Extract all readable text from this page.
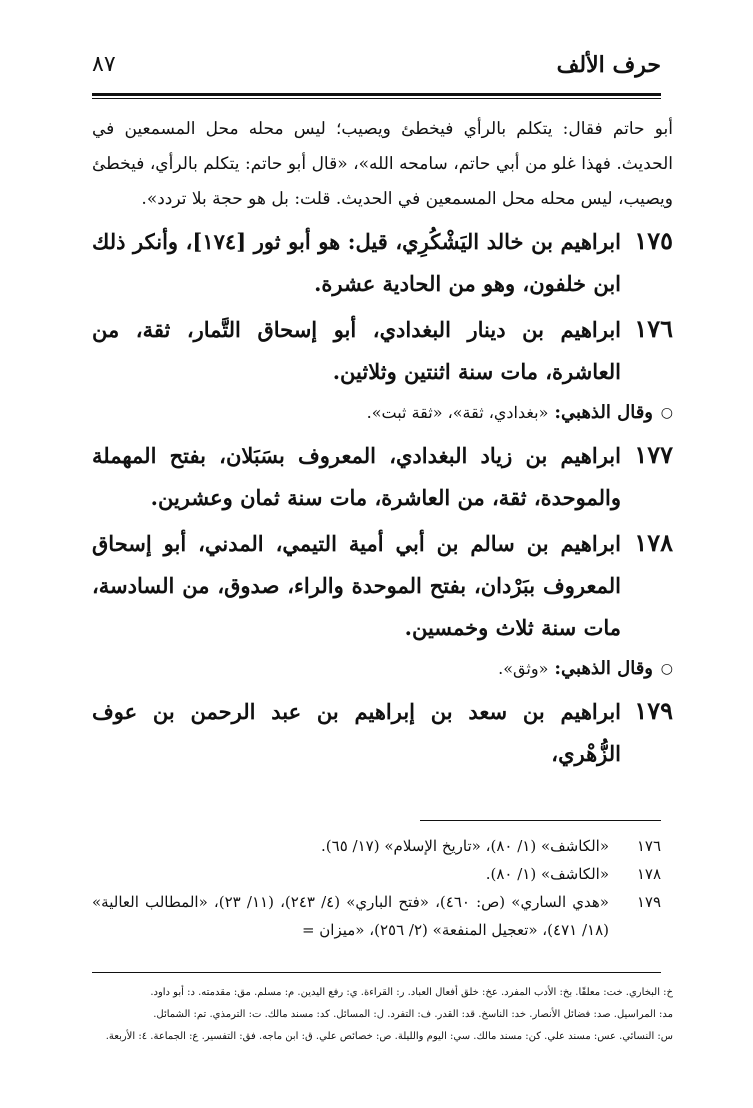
حرف الألف
٨٧

أبو حاتم فقال: يتكلم بالرأي فيخطئ ويصيب؛ ليس محله محل المسمعين في الحديث. فهذا غلو من أبي حاتم، سامحه الله»، «قال أبو حاتم: يتكلم بالرأي، فيخطئ ويصيب، ليس محله محل المسمعين في الحديث. قلت: بل هو حجة بلا تردد».

١٧٥
ابراهيم بن خالد اليَشْكُرِي، قيل: هو أبو ثور [١٧٤]، وأنكر ذلك ابن خلفون، وهو من الحادية عشرة.
١٧٦
ابراهيم بن دينار البغدادي، أبو إسحاق التَّمار، ثقة، من العاشرة، مات سنة اثنتين وثلاثين.
○
وقال الذهبي:
«بغدادي، ثقة»، «ثقة ثبت».
١٧٧
ابراهيم بن زياد البغدادي، المعروف بسَبَلان، بفتح المهملة والموحدة، ثقة، من العاشرة، مات سنة ثمان وعشرين.
١٧٨
ابراهيم بن سالم بن أبي أمية التيمي، المدني، أبو إسحاق المعروف ببَرْدان، بفتح الموحدة والراء، صدوق، من السادسة، مات سنة ثلاث وخمسين.
○
وقال الذهبي:
«وثق».
١٧٩
ابراهيم بن سعد بن إبراهيم بن عبد الرحمن بن عوف الزُّهْري،
١٧٦
«الكاشف» (١/ ٨٠)، «تاريخ الإسلام» (١٧/ ٦٥).
١٧٨
«الكاشف» (١/ ٨٠).
١٧٩
«هدي الساري» (ص: ٤٦٠)، «فتح الباري» (٤/ ٢٤٣)، (١١/ ٢٣)، «المطالب العالية» (١٨/ ٤٧١)، «تعجيل المنفعة» (٢/ ٢٥٦)، «ميزان =
خ: البخاري. خت: معلقًا. بخ: الأدب المفرد. عخ: خلق أفعال العباد. ر: القراءة. ي: رفع اليدين. م: مسلم. مق: مقدمته. د: أبو داود.
مد: المراسيل. صد: فضائل الأنصار. خد: الناسخ. قد: القدر. ف: التفرد. ل: المسائل. كد: مسند مالك. ت: الترمذي. تم: الشمائل.
س: النسائي. عس: مسند علي. كن: مسند مالك. سي: اليوم والليلة. ص: خصائص علي. ق: ابن ماجه. فق: التفسير. ع: الجماعة. ٤: الأربعة.
